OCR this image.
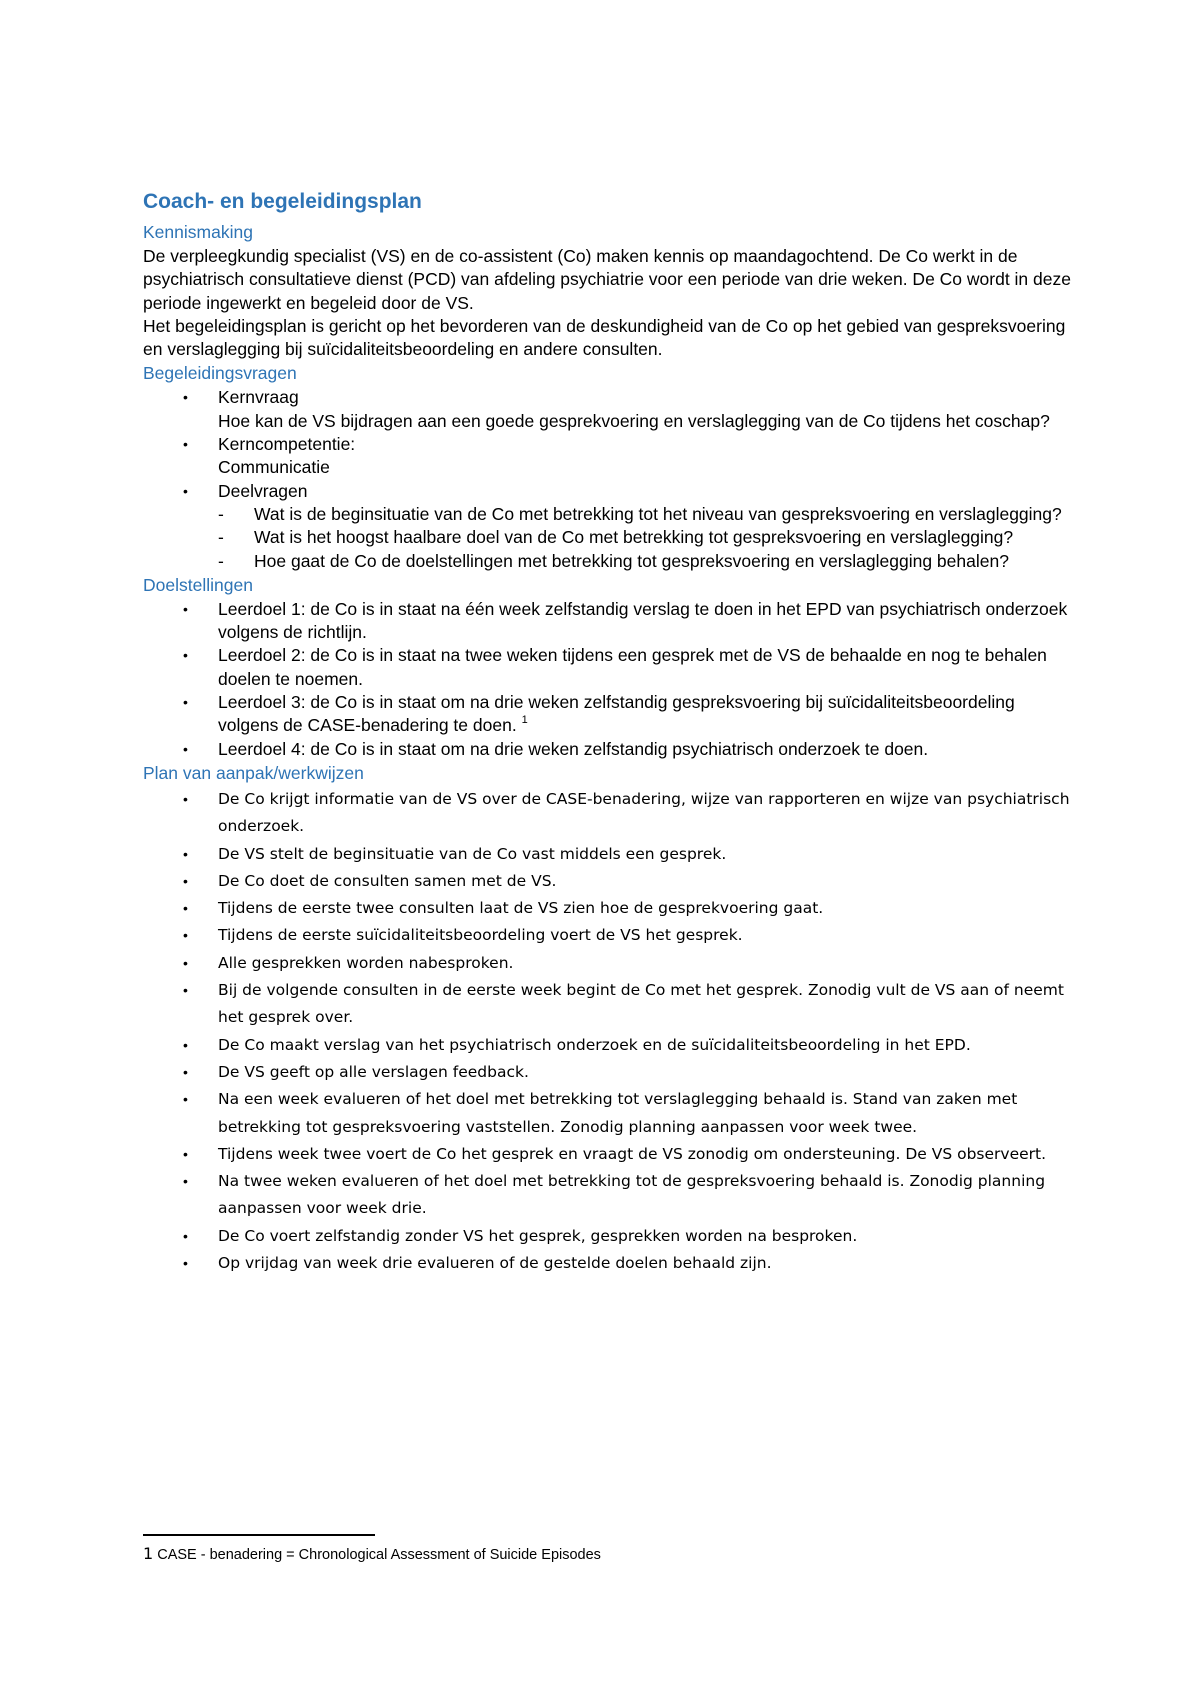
Coach- en begeleidingsplan
Kennismaking

De verpleegkundig specialist (VS) en de co-assistent (Co) maken kennis op maandagochtend. De Co werkt in de psychiatrisch consultatieve dienst (PCD) van afdeling psychiatrie voor een periode van drie weken. De Co wordt in deze periode ingewerkt en begeleid door de VS.

Het begeleidingsplan is gericht op het bevorderen van de deskundigheid van de Co op het gebied van gespreksvoering en verslaglegging bij suïcidaliteitsbeoordeling en andere consulten.

Begeleidingsvragen
• Kernvraag
Hoe kan de VS bijdragen aan een goede gesprekvoering en verslaglegging van de Co tijdens het coschap?
• Kerncompetentie:
Communicatie
• Deelvragen
- Wat is de beginsituatie van de Co met betrekking tot het niveau van gespreksvoering en verslaglegging?
- Wat is het hoogst haalbare doel van de Co met betrekking tot gespreksvoering en verslaglegging?
- Hoe gaat de Co de doelstellingen met betrekking tot gespreksvoering en verslaglegging behalen?
Doelstellingen
• Leerdoel 1: de Co is in staat na één week zelfstandig verslag te doen in het EPD van psychiatrisch onderzoek volgens de richtlijn.
• Leerdoel 2: de Co is in staat na twee weken tijdens een gesprek met de VS de behaalde en nog te behalen doelen te noemen.
• Leerdoel 3: de Co is in staat om na drie weken zelfstandig gespreksvoering bij suïcidaliteitsbeoordeling volgens de CASE-benadering te doen. $^1$
• Leerdoel 4: de Co is in staat om na drie weken zelfstandig psychiatrisch onderzoek te doen.
Plan van aanpak/werkwijzen
• De Co krijgt informatie van de VS over de CASE-benadering, wijze van rapporteren en wijze van psychiatrisch onderzoek.
• De VS stelt de beginsituatie van de Co vast middels een gesprek.
• De Co doet de consulten samen met de VS.
• Tijdens de eerste twee consulten laat de VS zien hoe de gesprekvoering gaat.
• Tijdens de eerste suïcidaliteitsbeoordeling voert de VS het gesprek.
• Alle gesprekken worden nabesproken.
• Bij de volgende consulten in de eerste week begint de Co met het gesprek. Zonodig vult de VS aan of neemt het gesprek over.
• De Co maakt verslag van het psychiatrisch onderzoek en de suïcidaliteitsbeoordeling in het EPD.
• De VS geeft op alle verslagen feedback.
• Na een week evalueren of het doel met betrekking tot verslaglegging behaald is. Stand van zaken met betrekking tot gespreksvoering vaststellen. Zonodig planning aanpassen voor week twee.
• Tijdens week twee voert de Co het gesprek en vraagt de VS zonodig om ondersteuning. De VS observeert.
• Na twee weken evalueren of het doel met betrekking tot de gespreksvoering behaald is. Zonodig planning aanpassen voor week drie.
• De Co voert zelfstandig zonder VS het gesprek, gesprekken worden na besproken.
• Op vrijdag van week drie evalueren of de gestelde doelen behaald zijn.
1 CASE - benadering = Chronological Assessment of Suicide Episodes
